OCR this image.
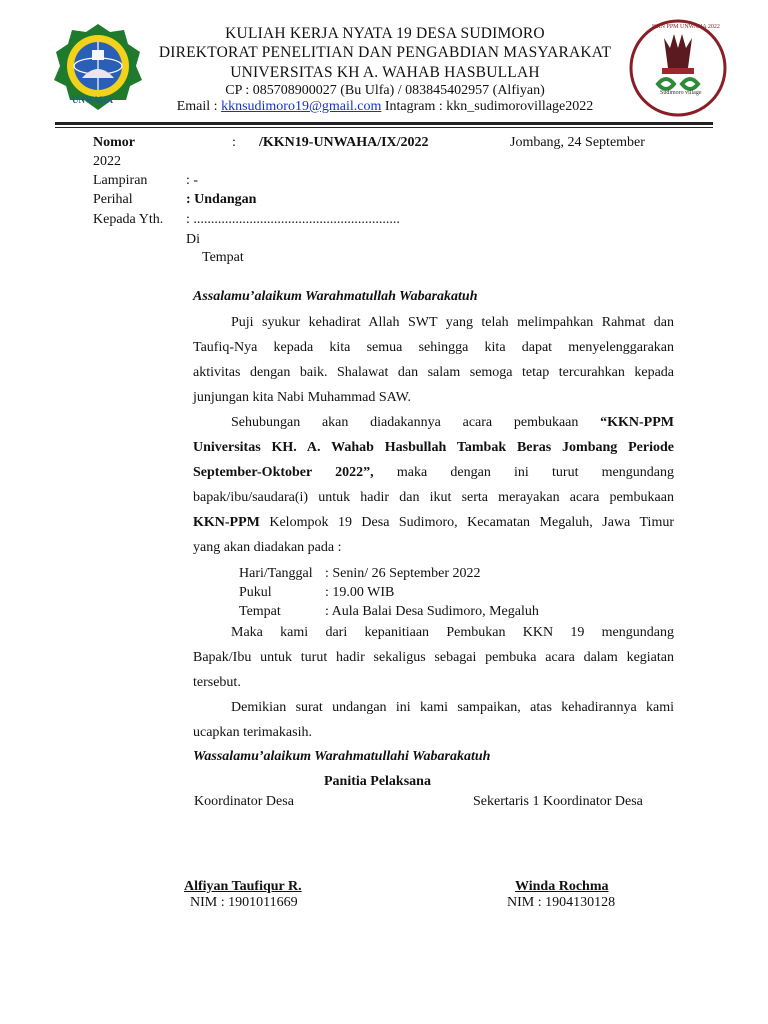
UNWAHA
KKN PPM UNWAHA 2022
Sudimoro village
KULIAH KERJA NYATA 19 DESA SUDIMORO
DIREKTORAT PENELITIAN DAN PENGABDIAN MASYARAKAT
UNIVERSITAS KH A. WAHAB HASBULLAH
CP : 085708900027 (Bu Ulfa) / 083845402957 (Alfiyan)
Email : kknsudimoro19@gmail.com Intagram : kkn_sudimorovillage2022
Nomor	: /KKN19-UNWAHA/IX/2022	Jombang, 24 September
2022
Lampiran	: -
Perihal	: Undangan
Kepada Yth. : ...........................................................
Di
Tempat
Assalamu’alaikum Warahmatullah Wabarakatuh
Puji syukur kehadirat Allah SWT yang telah melimpahkan Rahmat dan
Taufiq-Nya kepada kita semua sehingga kita dapat menyelenggarakan
aktivitas dengan baik. Shalawat dan salam semoga tetap tercurahkan kepada
junjungan kita Nabi Muhammad SAW.
Sehubungan akan diadakannya acara pembukaan “KKN-PPM
Universitas KH. A. Wahab Hasbullah Tambak Beras Jombang Periode
September-Oktober 2022”, maka dengan ini turut mengundang
bapak/ibu/saudara(i) untuk hadir dan ikut serta merayakan acara pembukaan
KKN-PPM Kelompok 19 Desa Sudimoro, Kecamatan Megaluh, Jawa Timur
yang akan diadakan pada :
Hari/Tanggal : Senin/ 26 September 2022
Pukul	: 19.00 WIB
Tempat	: Aula Balai Desa Sudimoro, Megaluh
Maka kami dari kepanitiaan Pembukan KKN 19 mengundang
Bapak/Ibu untuk turut hadir sekaligus sebagai pembuka acara dalam kegiatan
tersebut.
Demikian surat undangan ini kami sampaikan, atas kehadirannya kami
ucapkan terimakasih.
Wassalamu’alaikum Warahmatullahi Wabarakatuh
Panitia Pelaksana
Koordinator Desa	Sekertaris 1 Koordinator Desa
Alfiyan Taufiqur R.
NIM : 1901011669
Winda Rochma
NIM : 1904130128
